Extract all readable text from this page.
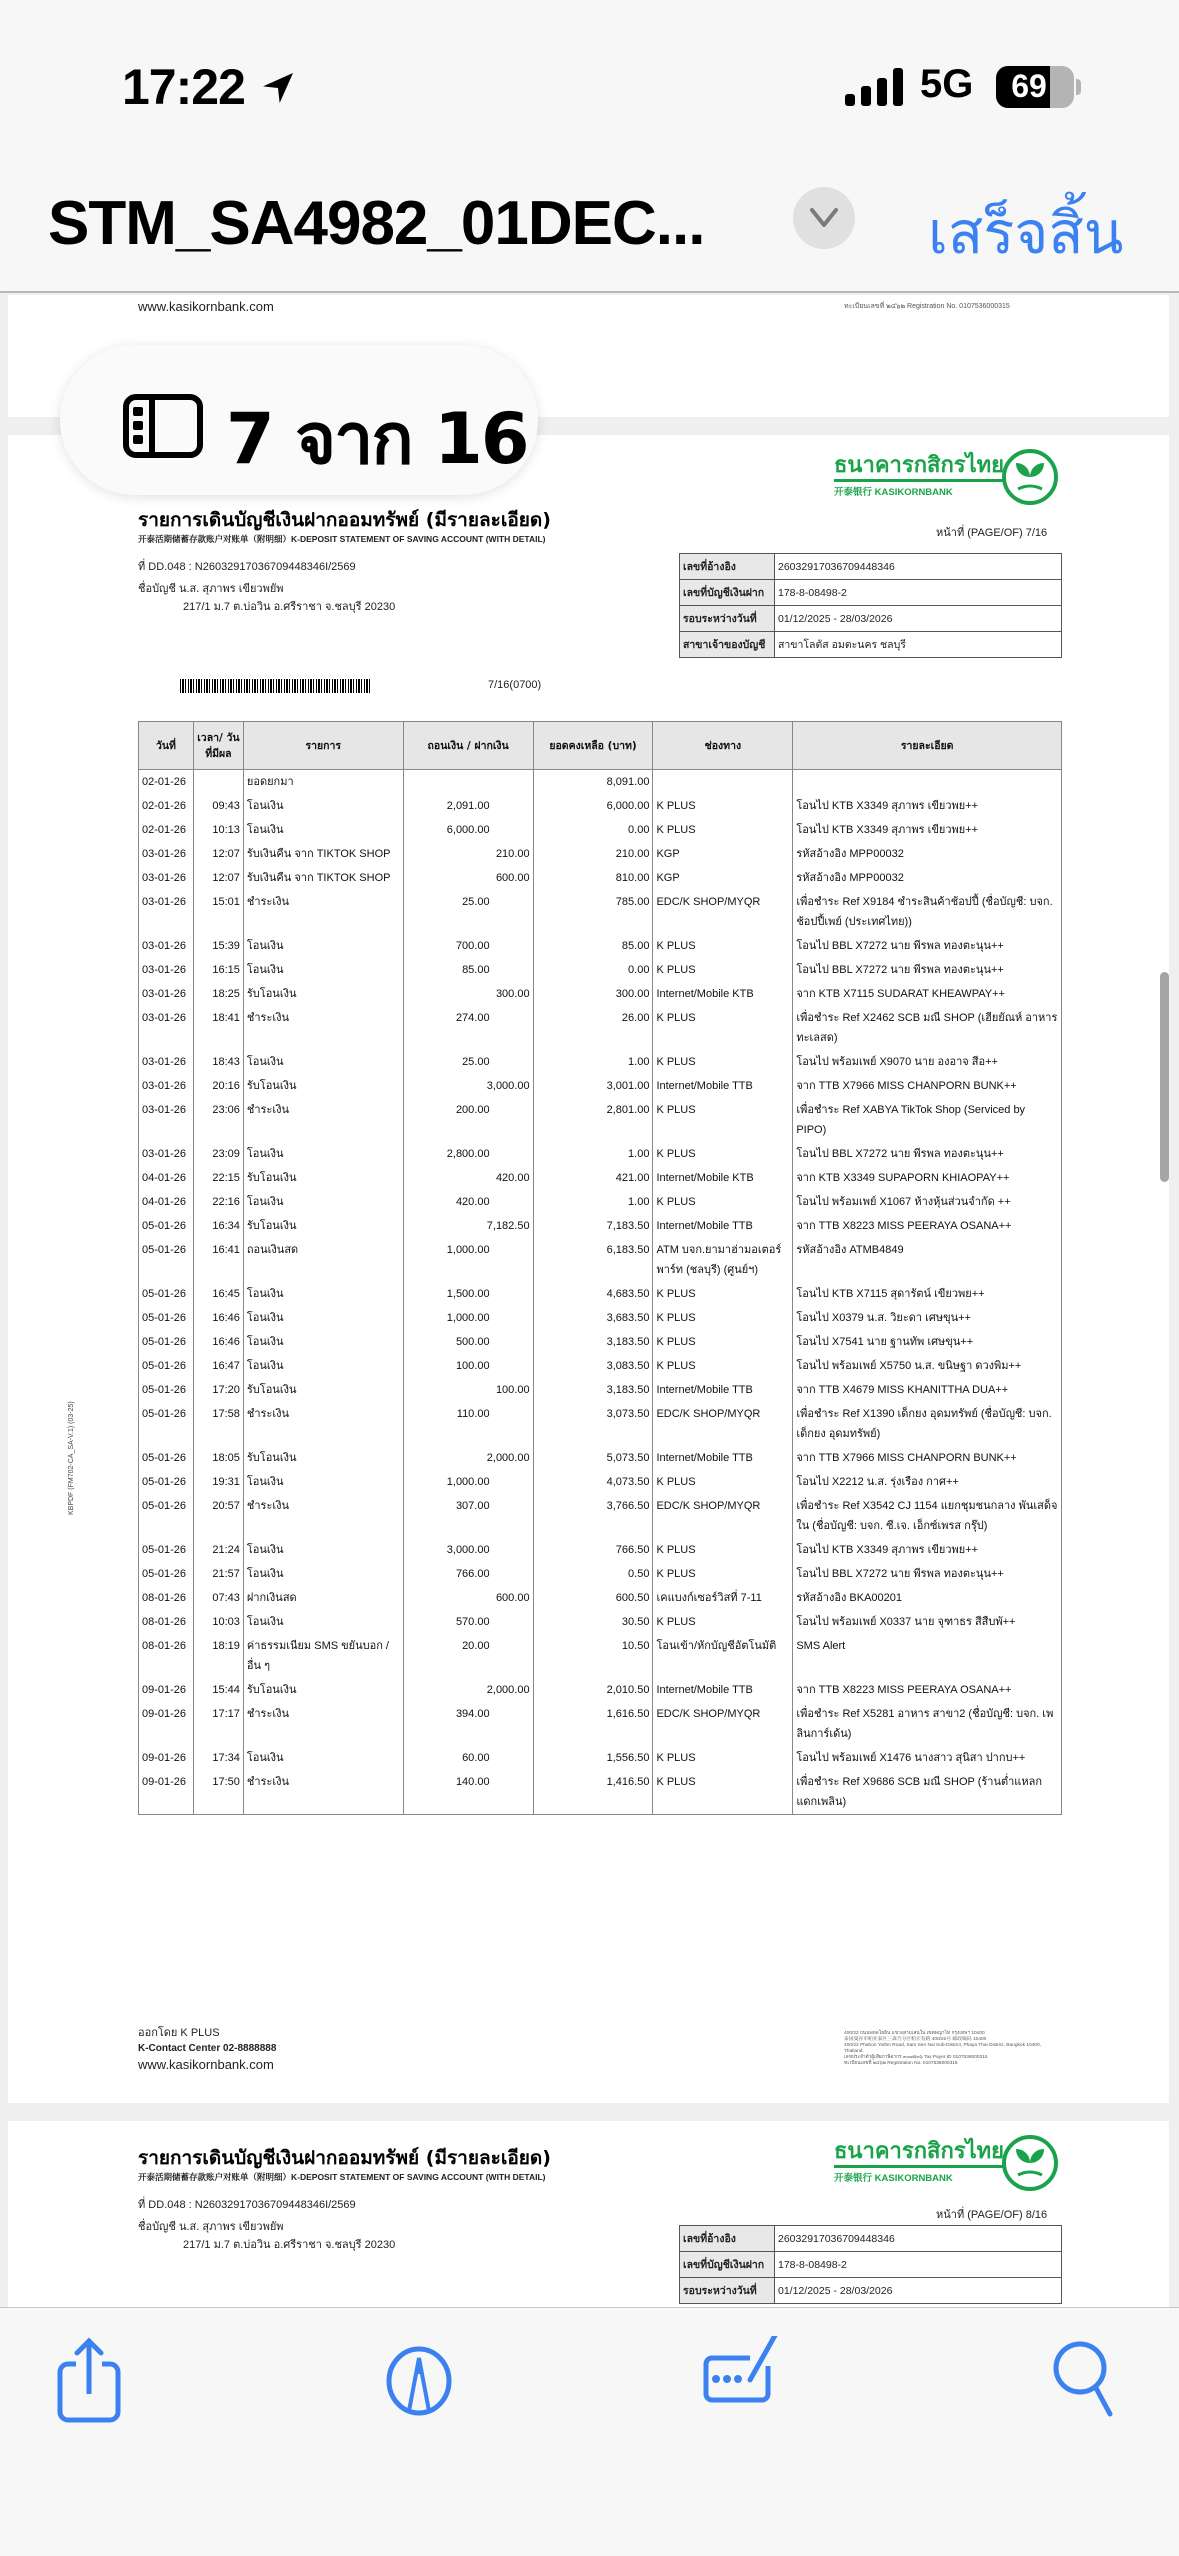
17:22	5G	69
STM_SA4982_01DEC...	เสร็จสิ้น
www.kasikornbank.com	ทะเบียนเลขที่ ๒๔๖๒ Registration No. 0107536000315
รายการเดินบัญชีเงินฝากออมทรัพย์ (มีรายละเอียด)
开泰活期储蓄存款账户对账单（附明细）K-DEPOSIT STATEMENT OF SAVING ACCOUNT (WITH DETAIL)
ธนาคารกสิกรไทย
开泰银行 KASIKORNBANK
หน้าที่ (PAGE/OF) 7/16
ที่ DD.048 : N26032917036709448346I/2569
ชื่อบัญชี น.ส. สุภาพร เขียวพยัพ
217/1 ม.7 ต.บ่อวิน อ.ศรีราชา จ.ชลบุรี 20230
เลขที่อ้างอิง	26032917036709448346
เลขที่บัญชีเงินฝาก	178-8-08498-2
รอบระหว่างวันที่	01/12/2025 - 28/03/2026
สาขาเจ้าของบัญชี	สาขาโลตัส อมตะนคร ชลบุรี
7/16(0700)
วันที่	เวลา/ วันที่มีผล	รายการ	ถอนเงิน / ฝากเงิน	ยอดคงเหลือ (บาท)	ช่องทาง	รายละเอียด
02-01-26		ยอดยกมา		8,091.00		
02-01-26	09:43	โอนเงิน	2,091.00	6,000.00	K PLUS	โอนไป KTB X3349 สุภาพร เขียวพย++
02-01-26	10:13	โอนเงิน	6,000.00	0.00	K PLUS	โอนไป KTB X3349 สุภาพร เขียวพย++
03-01-26	12:07	รับเงินคืน จาก TIKTOK SHOP	210.00	210.00	KGP	รหัสอ้างอิง MPP00032
03-01-26	12:07	รับเงินคืน จาก TIKTOK SHOP	600.00	810.00	KGP	รหัสอ้างอิง MPP00032
03-01-26	15:01	ชำระเงิน	25.00	785.00	EDC/K SHOP/MYQR	เพื่อชำระ Ref X9184 ชำระสินค้าช้อปปี้ (ชื่อบัญชี: บจก. ช้อปปี้เพย์ (ประเทศไทย))
03-01-26	15:39	โอนเงิน	700.00	85.00	K PLUS	โอนไป BBL X7272 นาย พีรพล ทองตะนุน++
03-01-26	16:15	โอนเงิน	85.00	0.00	K PLUS	โอนไป BBL X7272 นาย พีรพล ทองตะนุน++
03-01-26	18:25	รับโอนเงิน	300.00	300.00	Internet/Mobile KTB	จาก KTB X7115 SUDARAT KHEAWPAY++
03-01-26	18:41	ชำระเงิน	274.00	26.00	K PLUS	เพื่อชำระ Ref X2462 SCB มณี SHOP (เฮียยัณห์ อาหารทะเลสด)
03-01-26	18:43	โอนเงิน	25.00	1.00	K PLUS	โอนไป พร้อมเพย์ X9070 นาย องอาจ สีอ++
03-01-26	20:16	รับโอนเงิน	3,000.00	3,001.00	Internet/Mobile TTB	จาก TTB X7966 MISS CHANPORN BUNK++
03-01-26	23:06	ชำระเงิน	200.00	2,801.00	K PLUS	เพื่อชำระ Ref XABYA TikTok Shop (Serviced by PIPO)
03-01-26	23:09	โอนเงิน	2,800.00	1.00	K PLUS	โอนไป BBL X7272 นาย พีรพล ทองตะนุน++
04-01-26	22:15	รับโอนเงิน	420.00	421.00	Internet/Mobile KTB	จาก KTB X3349 SUPAPORN KHIAOPAY++
04-01-26	22:16	โอนเงิน	420.00	1.00	K PLUS	โอนไป พร้อมเพย์ X1067 ห้างหุ้นส่วนจำกัด ++
05-01-26	16:34	รับโอนเงิน	7,182.50	7,183.50	Internet/Mobile TTB	จาก TTB X8223 MISS PEERAYA OSANA++
05-01-26	16:41	ถอนเงินสด	1,000.00	6,183.50	ATM บจก.ยามาฮ่ามอเตอร์ พาร์ท (ชลบุรี) (ศูนย์ฯ)	รหัสอ้างอิง ATMB4849
05-01-26	16:45	โอนเงิน	1,500.00	4,683.50	K PLUS	โอนไป KTB X7115 สุดารัตน์ เขียวพย++
05-01-26	16:46	โอนเงิน	1,000.00	3,683.50	K PLUS	โอนไป X0379 น.ส. วิยะดา เศษขุน++
05-01-26	16:46	โอนเงิน	500.00	3,183.50	K PLUS	โอนไป X7541 นาย ฐานทัพ เศษขุน++
05-01-26	16:47	โอนเงิน	100.00	3,083.50	K PLUS	โอนไป พร้อมเพย์ X5750 น.ส. ขนิษฐา ดวงพิม++
05-01-26	17:20	รับโอนเงิน	100.00	3,183.50	Internet/Mobile TTB	จาก TTB X4679 MISS KHANITTHA DUA++
05-01-26	17:58	ชำระเงิน	110.00	3,073.50	EDC/K SHOP/MYQR	เพื่อชำระ Ref X1390 เด็กยง อุดมทรัพย์ (ชื่อบัญชี: บจก. เด็กยง อุดมทรัพย์)
05-01-26	18:05	รับโอนเงิน	2,000.00	5,073.50	Internet/Mobile TTB	จาก TTB X7966 MISS CHANPORN BUNK++
05-01-26	19:31	โอนเงิน	1,000.00	4,073.50	K PLUS	โอนไป X2212 น.ส. รุ่งเรือง กาศ++
05-01-26	20:57	ชำระเงิน	307.00	3,766.50	EDC/K SHOP/MYQR	เพื่อชำระ Ref X3542 CJ 1154 แยกชุมชนกลาง พันเสด็จใน (ชื่อบัญชี: บจก. ซี.เจ. เอ็กซ์เพรส กรุ๊ป)
05-01-26	21:24	โอนเงิน	3,000.00	766.50	K PLUS	โอนไป KTB X3349 สุภาพร เขียวพย++
05-01-26	21:57	โอนเงิน	766.00	0.50	K PLUS	โอนไป BBL X7272 นาย พีรพล ทองตะนุน++
08-01-26	07:43	ฝากเงินสด	600.00	600.50	เคแบงก์เซอร์วิสที่ 7-11	รหัสอ้างอิง BKA00201
08-01-26	10:03	โอนเงิน	570.00	30.50	K PLUS	โอนไป พร้อมเพย์ X0337 นาย จุฑาธร สีสืบพั++
08-01-26	18:19	ค่าธรรมเนียม SMS ขยันบอก / อื่น ๆ	20.00	10.50	โอนเข้า/หักบัญชีอัตโนมัติ	SMS Alert
09-01-26	15:44	รับโอนเงิน	2,000.00	2,010.50	Internet/Mobile TTB	จาก TTB X8223 MISS PEERAYA OSANA++
09-01-26	17:17	ชำระเงิน	394.00	1,616.50	EDC/K SHOP/MYQR	เพื่อชำระ Ref X5281 อาหาร สาขา2 (ชื่อบัญชี: บจก. เพลินการ์เด้น)
09-01-26	17:34	โอนเงิน	60.00	1,556.50	K PLUS	โอนไป พร้อมเพย์ X1476 นางสาว สุนิสา ปากบ++
09-01-26	17:50	ชำระเงิน	140.00	1,416.50	K PLUS	เพื่อชำระ Ref X9686 SCB มณี SHOP (ร้านต่ำแหลก แดกเพลิน)
KBPDF (FM702-CA_SA-V.1) (03-25)
ออกโดย K PLUS
K-Contact Center 02-8888888
www.kasikornbank.com
400/22 ถนนพหลโยธิน แขวงสามเสนใน เขตพญาไท กรุงเทพฯ 10400
泰国曼谷市帕亚泰区三森乃分区帕宏有路 400/22号 邮政编码 10400
400/22 Phahon Yothin Road, Sam Sen Nai Sub-District, Phaya Thai District, Bangkok 10400, Thailand.
เลขประจำตัวผู้เสียภาษีอากร ๓๐๗๕๓๖ Tax Payer ID 0107536000315
ทะเบียนเลขที่ ๒๔๖๒ Registration No. 0107536000315
รายการเดินบัญชีเงินฝากออมทรัพย์ (มีรายละเอียด)
开泰活期储蓄存款账户对账单（附明细）K-DEPOSIT STATEMENT OF SAVING ACCOUNT (WITH DETAIL)
ธนาคารกสิกรไทย
开泰银行 KASIKORNBANK
หน้าที่ (PAGE/OF) 8/16
ที่ DD.048 : N26032917036709448346I/2569
ชื่อบัญชี น.ส. สุภาพร เขียวพยัพ
217/1 ม.7 ต.บ่อวิน อ.ศรีราชา จ.ชลบุรี 20230	เลขที่อ้างอิง	26032917036709448346
เลขที่บัญชีเงินฝาก	178-8-08498-2
รอบระหว่างวันที่	01/12/2025 - 28/03/2026
7 จาก 16
